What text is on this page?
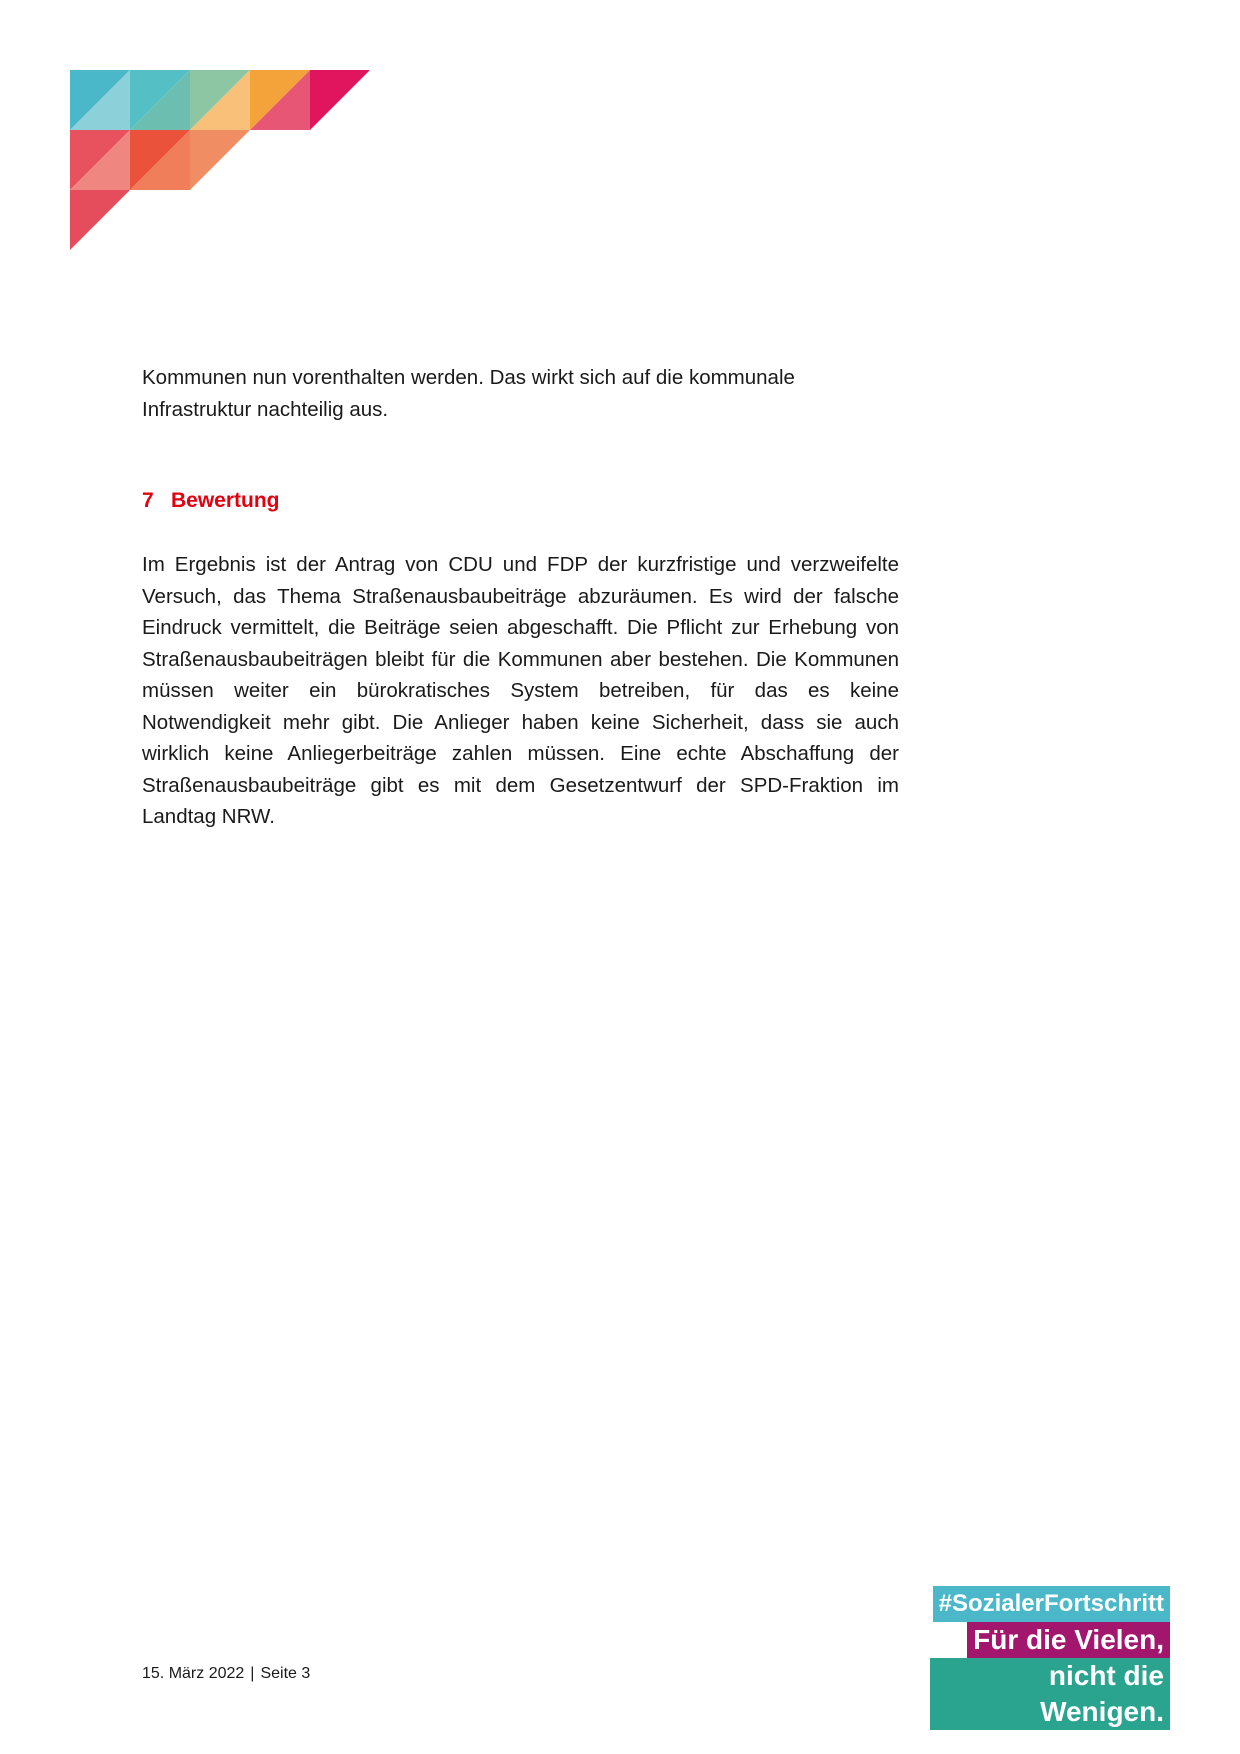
Kommunen nun vorenthalten werden. Das wirkt sich auf die kommunale Infrastruktur nachteilig aus.

7 Bewertung

Im Ergebnis ist der Antrag von CDU und FDP der kurzfristige und verzweifelte Versuch, das Thema Straßenausbaubeiträge abzuräumen. Es wird der falsche Eindruck vermittelt, die Beiträge seien abgeschafft. Die Pflicht zur Erhebung von Straßenausbaubeiträgen bleibt für die Kommunen aber bestehen. Die Kommunen müssen weiter ein bürokratisches System betreiben, für das es keine Notwendigkeit mehr gibt. Die Anlieger haben keine Sicherheit, dass sie auch wirklich keine Anliegerbeiträge zahlen müssen. Eine echte Abschaffung der Straßenausbaubeiträge gibt es mit dem Gesetzentwurf der SPD-Fraktion im Landtag NRW.

15. März 2022 | Seite 3
#SozialerFortschritt
Für die Vielen,
nicht die Wenigen.
